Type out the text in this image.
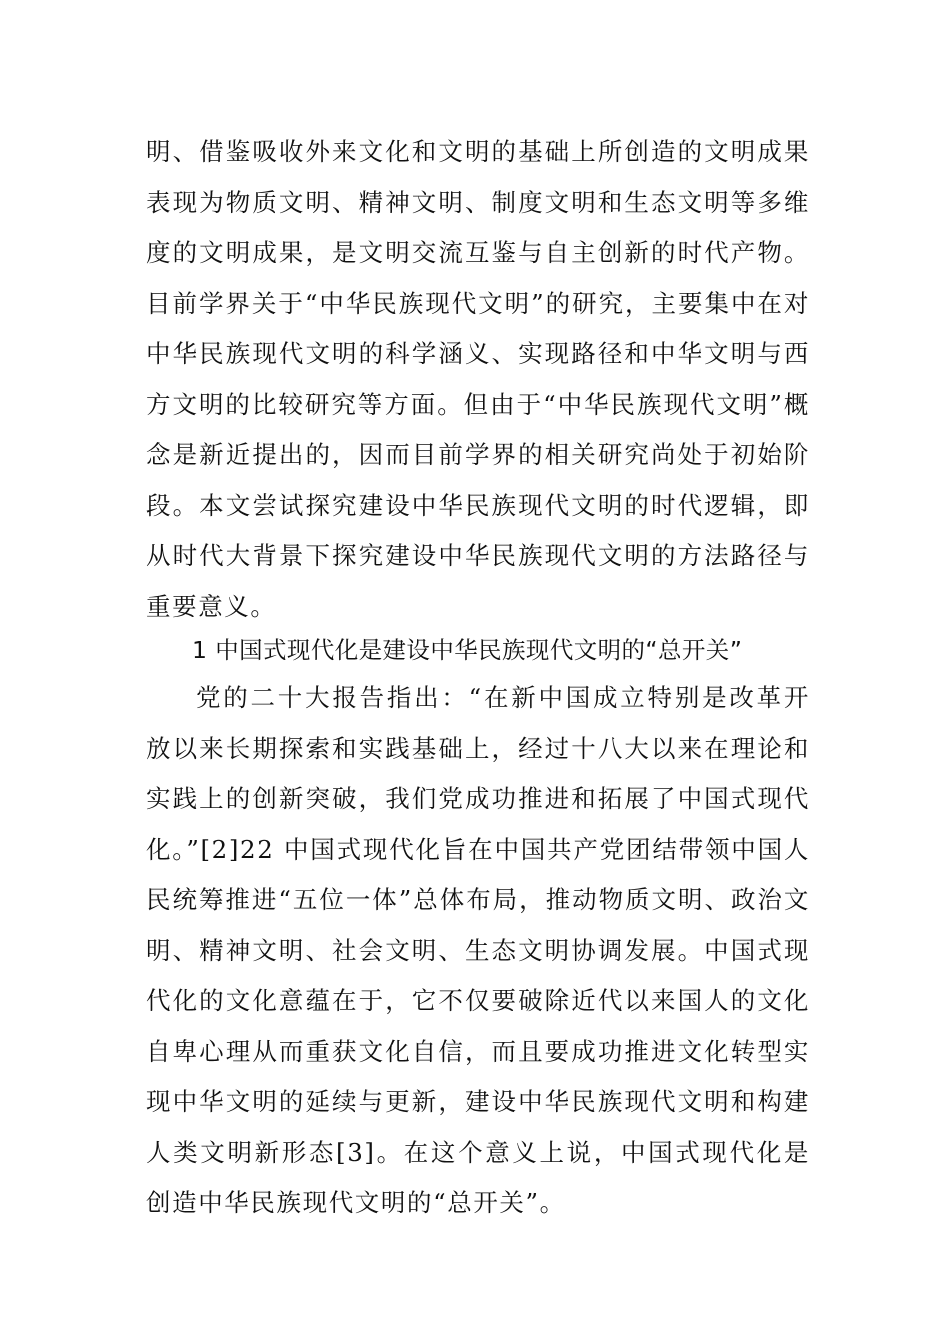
明、借鉴吸收外来文化和文明的基础上所创造的文明成果表现为物质文明、精神文明、制度文明和生态文明等多维度的文明成果，是文明交流互鉴与自主创新的时代产物。目前学界关于“中华民族现代文明”的研究，主要集中在对中华民族现代文明的科学涵义、实现路径和中华文明与西方文明的比较研究等方面。但由于“中华民族现代文明”概念是新近提出的，因而目前学界的相关研究尚处于初始阶段。本文尝试探究建设中华民族现代文明的时代逻辑，即从时代大背景下探究建设中华民族现代文明的方法路径与重要意义。

1 中国式现代化是建设中华民族现代文明的“总开关”

党的二十大报告指出：“在新中国成立特别是改革开放以来长期探索和实践基础上，经过十八大以来在理论和实践上的创新突破，我们党成功推进和拓展了中国式现代化。”[2]22 中国式现代化旨在中国共产党团结带领中国人民统筹推进“五位一体”总体布局，推动物质文明、政治文明、精神文明、社会文明、生态文明协调发展。中国式现代化的文化意蕴在于，它不仅要破除近代以来国人的文化自卑心理从而重获文化自信，而且要成功推进文化转型实现中华文明的延续与更新，建设中华民族现代文明和构建人类文明新形态[3]。在这个意义上说，中国式现代化是创造中华民族现代文明的“总开关”。
